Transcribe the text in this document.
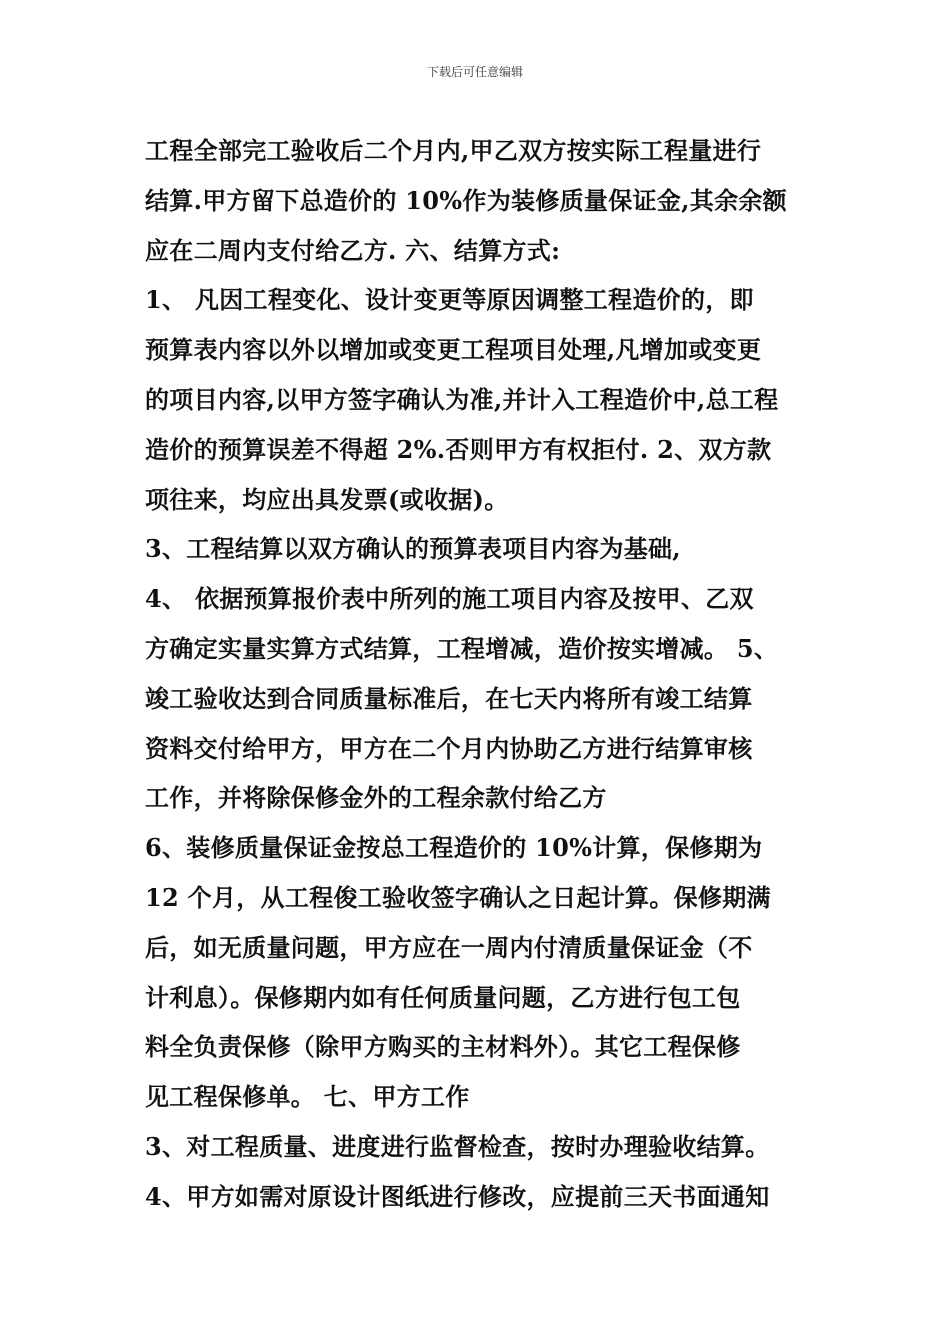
下载后可任意编辑
工程全部完工验收后二个月内,甲乙双方按实际工程量进行
结算.甲方留下总造价的 10%作为装修质量保证金,其余余额
应在二周内支付给乙方. 六、结算方式:
1、 凡因工程变化、设计变更等原因调整工程造价的，即
预算表内容以外以增加或变更工程项目处理,凡增加或变更
的项目内容,以甲方签字确认为准,并计入工程造价中,总工程
造价的预算误差不得超 2%.否则甲方有权拒付. 2、双方款
项往来，均应出具发票(或收据)。
3、工程结算以双方确认的预算表项目内容为基础,
4、 依据预算报价表中所列的施工项目内容及按甲、乙双
方确定实量实算方式结算，工程增减，造价按实增减。 5、
竣工验收达到合同质量标准后，在七天内将所有竣工结算
资料交付给甲方，甲方在二个月内协助乙方进行结算审核
工作，并将除保修金外的工程余款付给乙方
6、装修质量保证金按总工程造价的 10%计算，保修期为
12 个月，从工程俊工验收签字确认之日起计算。保修期满
后，如无质量问题，甲方应在一周内付清质量保证金（不
计利息）。保修期内如有任何质量问题，乙方进行包工包
料全负责保修（除甲方购买的主材料外）。其它工程保修
见工程保修单。 七、甲方工作
3、对工程质量、进度进行监督检查，按时办理验收结算。
4、甲方如需对原设计图纸进行修改，应提前三天书面通知
